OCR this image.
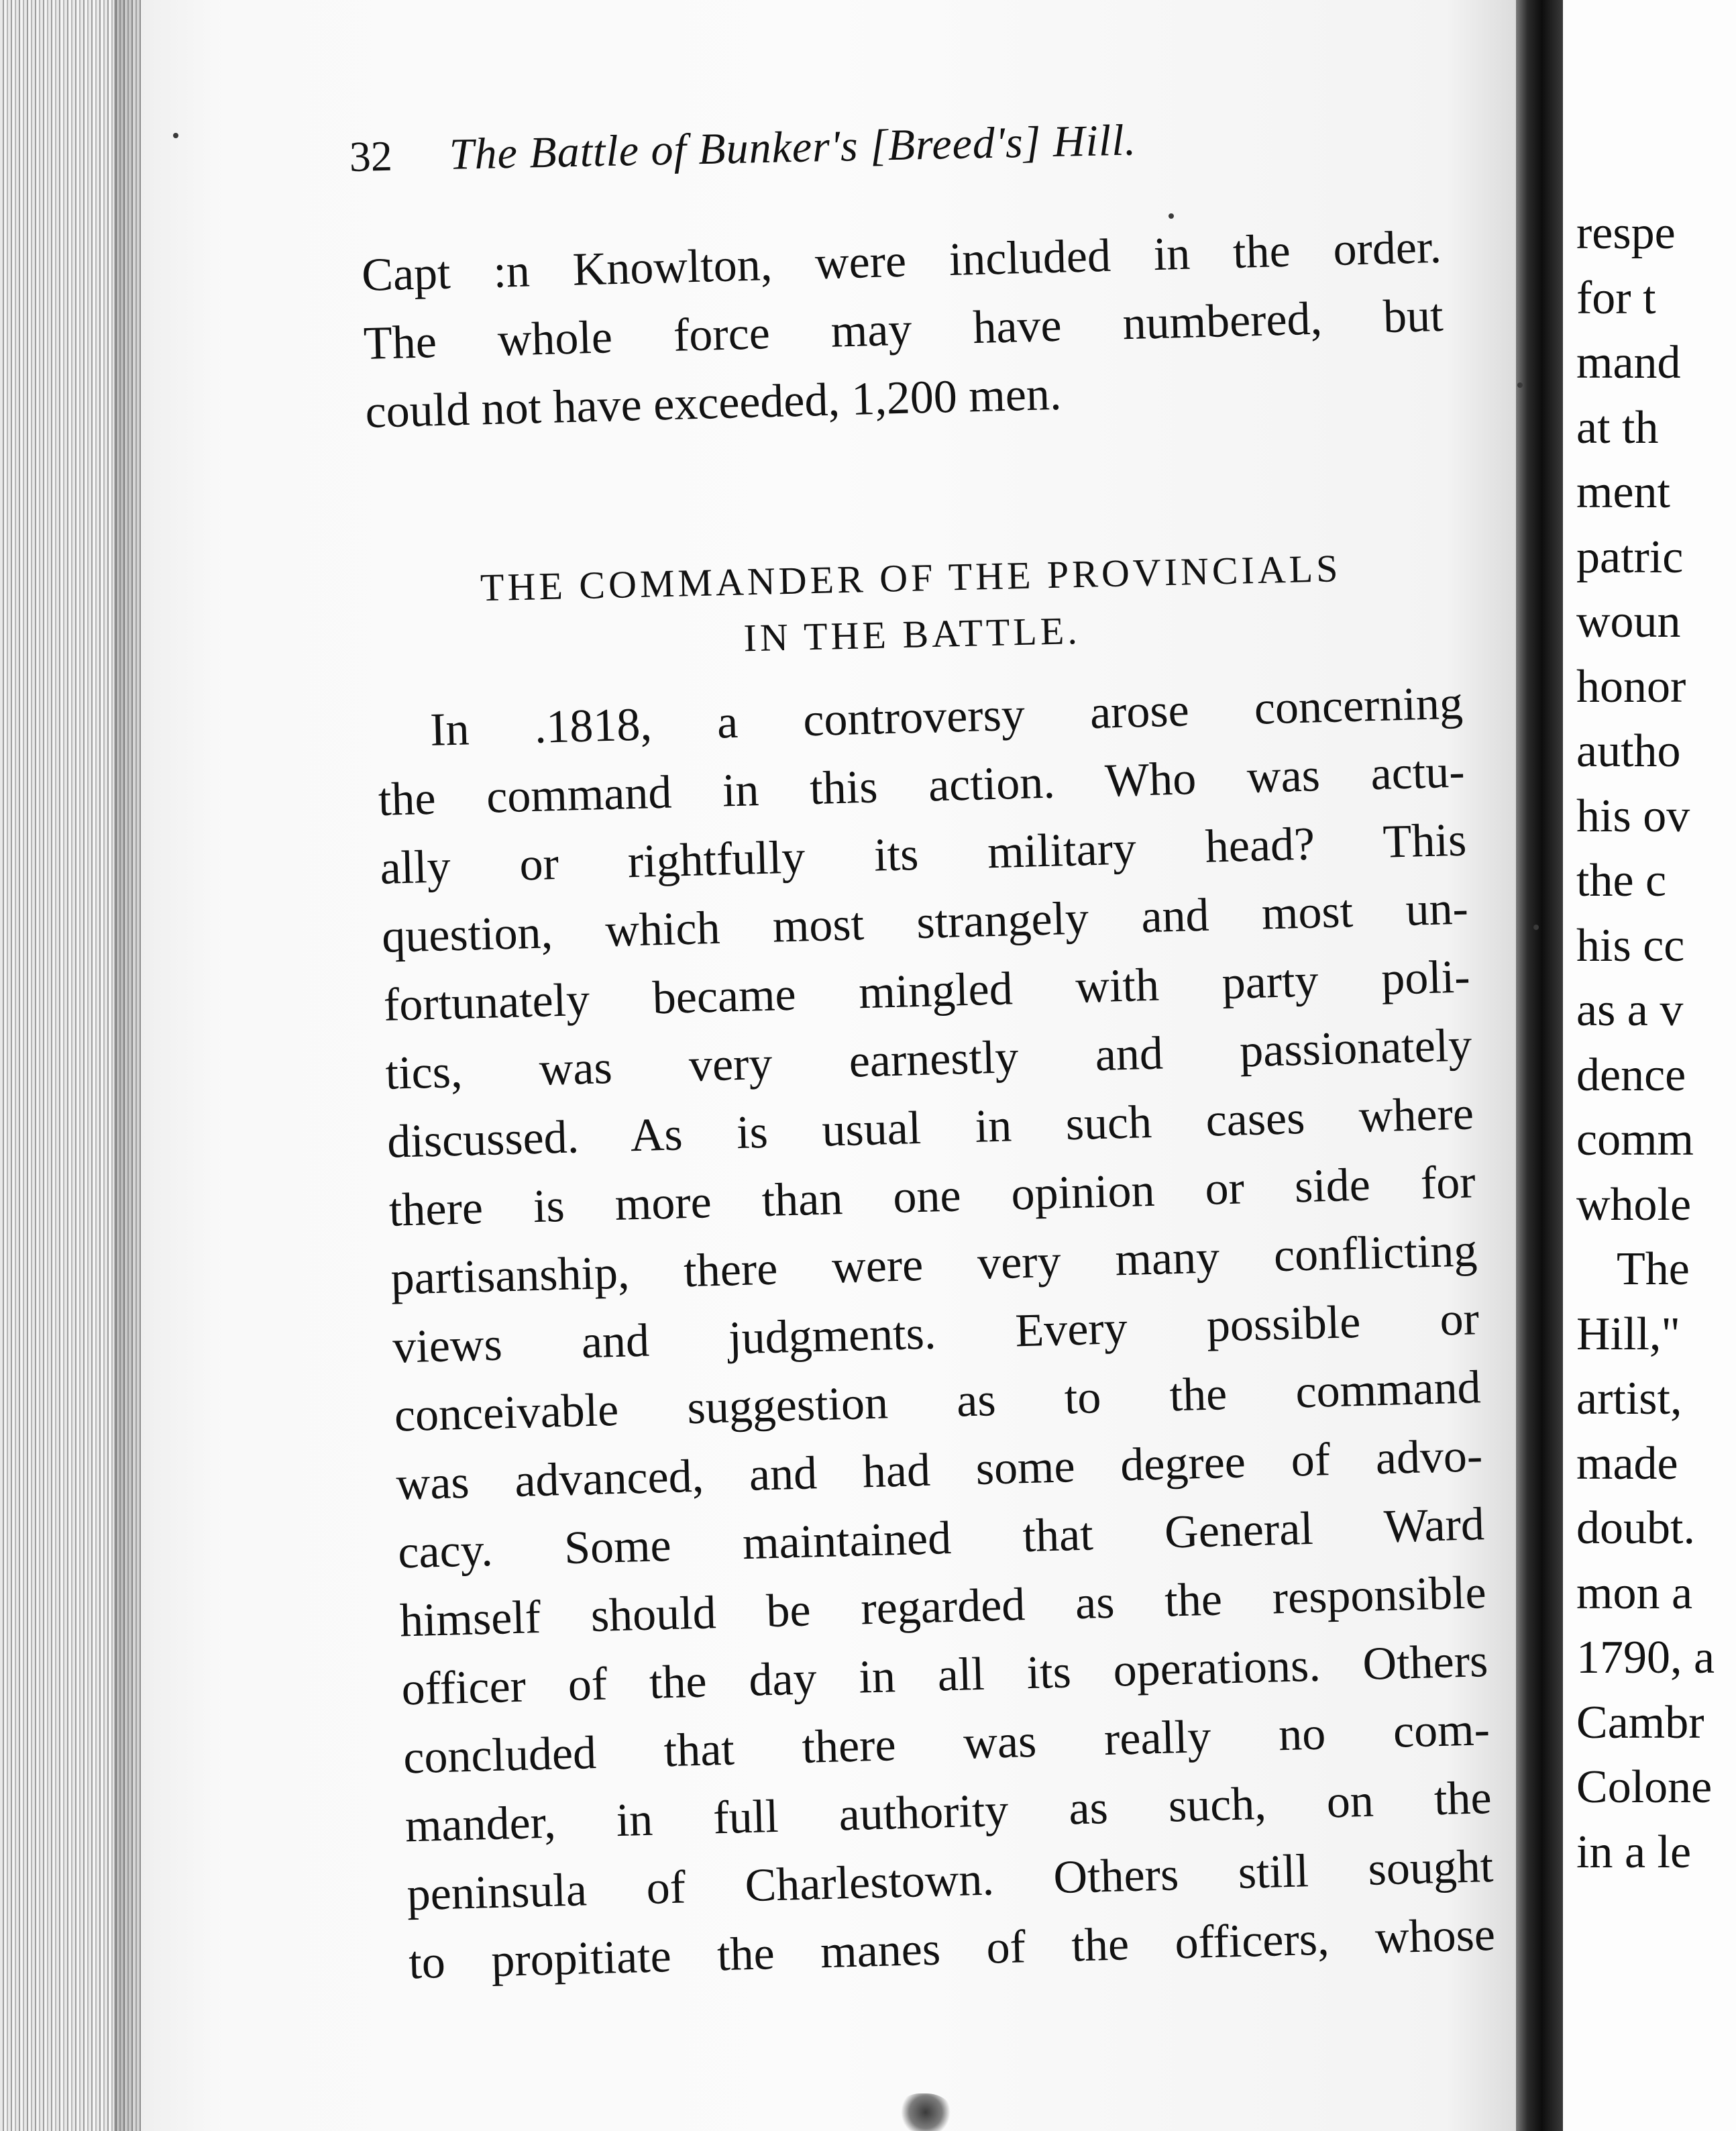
32 The Battle of Bunker's [Breed's] Hill.
Capt :n Knowlton, were included in the order.
The whole force may have numbered, but
could not have exceeded, 1,200 men.
THE COMMANDER OF THE PROVINCIALS
IN THE BATTLE.
In .1818, a controversy arose concerning
the command in this action. Who was actu-
ally or rightfully its military head? This
question, which most strangely and most un-
fortunately became mingled with party poli-
tics, was very earnestly and passionately
discussed. As is usual in such cases where
there is more than one opinion or side for
partisanship, there were very many conflicting
views and judgments. Every possible or
conceivable suggestion as to the command
was advanced, and had some degree of advo-
cacy. Some maintained that General Ward
himself should be regarded as the responsible
officer of the day in all its operations. Others
concluded that there was really no com-
mander, in full authority as such, on the
peninsula of Charlestown. Others still sought
to propitiate the manes of the officers, whose
respe
for t
mand
at th
ment
patric
woun
honor
autho
his ov
the c
his cc
as a v
dence
comm
whole
The
Hill,"
artist,
made
doubt.
mon a
1790, a
Cambr
Colone
in a le
